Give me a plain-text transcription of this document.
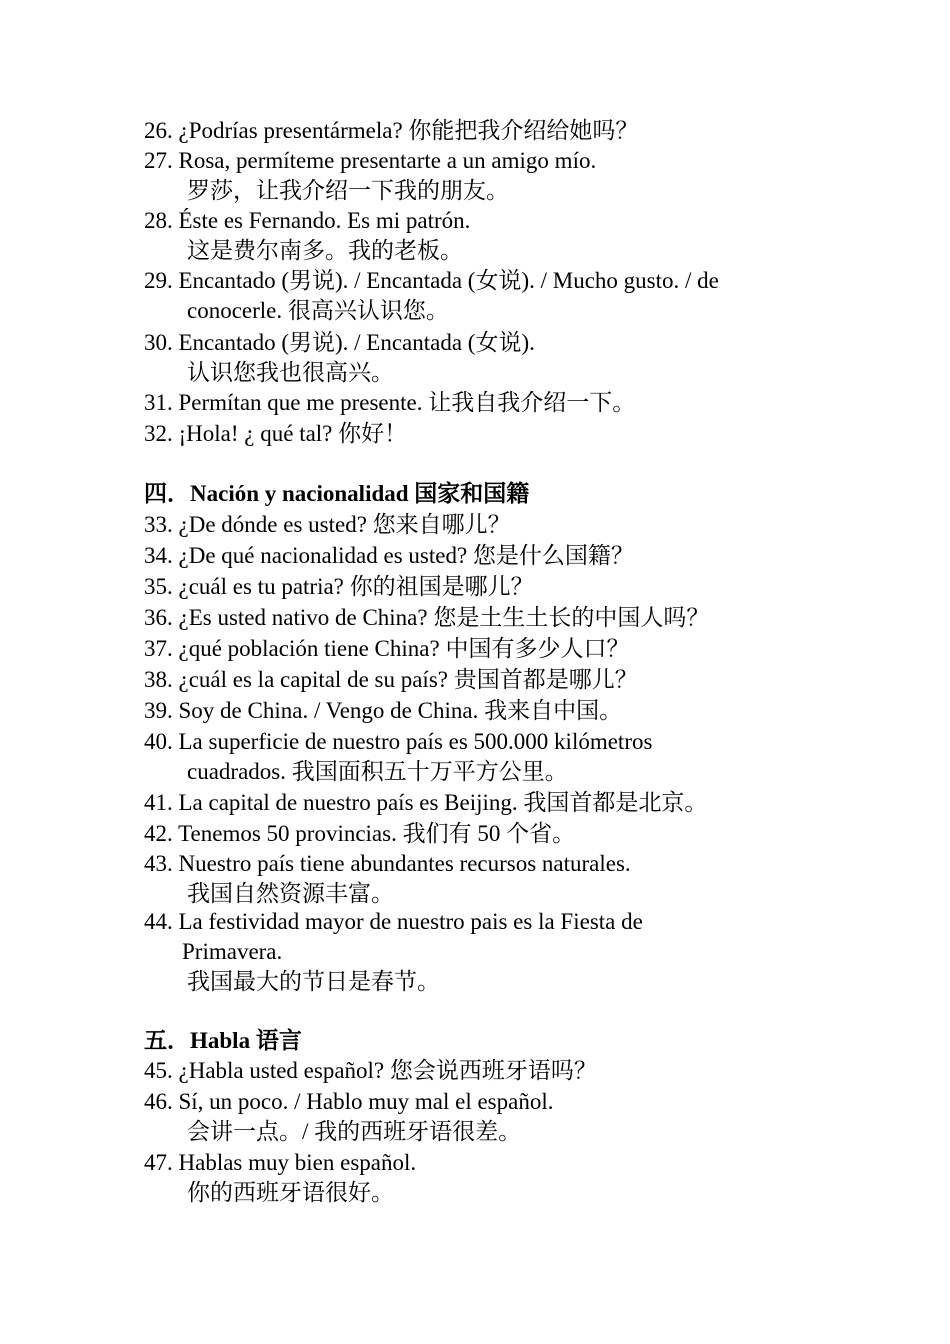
26. ¿Podrías presentármela? 你能把我介绍给她吗？
27. Rosa, permíteme presentarte a un amigo mío.
罗莎，让我介绍一下我的朋友。
28. Éste es Fernando. Es mi patrón.
这是费尔南多。我的老板。
29. Encantado (男说). / Encantada (女说). / Mucho gusto. / de
conocerle. 很高兴认识您。
30. Encantado (男说). / Encantada (女说).
认识您我也很高兴。
31. Permítan que me presente. 让我自我介绍一下。
32. ¡Hola! ¿ qué tal? 你好！
四．Nación y nacionalidad 国家和国籍
33. ¿De dónde es usted? 您来自哪儿？
34. ¿De qué nacionalidad es usted? 您是什么国籍？
35. ¿cuál es tu patria? 你的祖国是哪儿？
36. ¿Es usted nativo de China? 您是土生土长的中国人吗？
37. ¿qué población tiene China? 中国有多少人口？
38. ¿cuál es la capital de su país? 贵国首都是哪儿？
39. Soy de China. / Vengo de China. 我来自中国。
40. La superficie de nuestro país es 500.000 kilómetros
cuadrados. 我国面积五十万平方公里。
41. La capital de nuestro país es Beijing. 我国首都是北京。
42. Tenemos 50 provincias. 我们有 50 个省。
43. Nuestro país tiene abundantes recursos naturales.
我国自然资源丰富。
44. La festividad mayor de nuestro pais es la Fiesta de
Primavera.
我国最大的节日是春节。
五．Habla 语言
45. ¿Habla usted español? 您会说西班牙语吗？
46. Sí, un poco. / Hablo muy mal el español.
会讲一点。/ 我的西班牙语很差。
47. Hablas muy bien español.
你的西班牙语很好。
